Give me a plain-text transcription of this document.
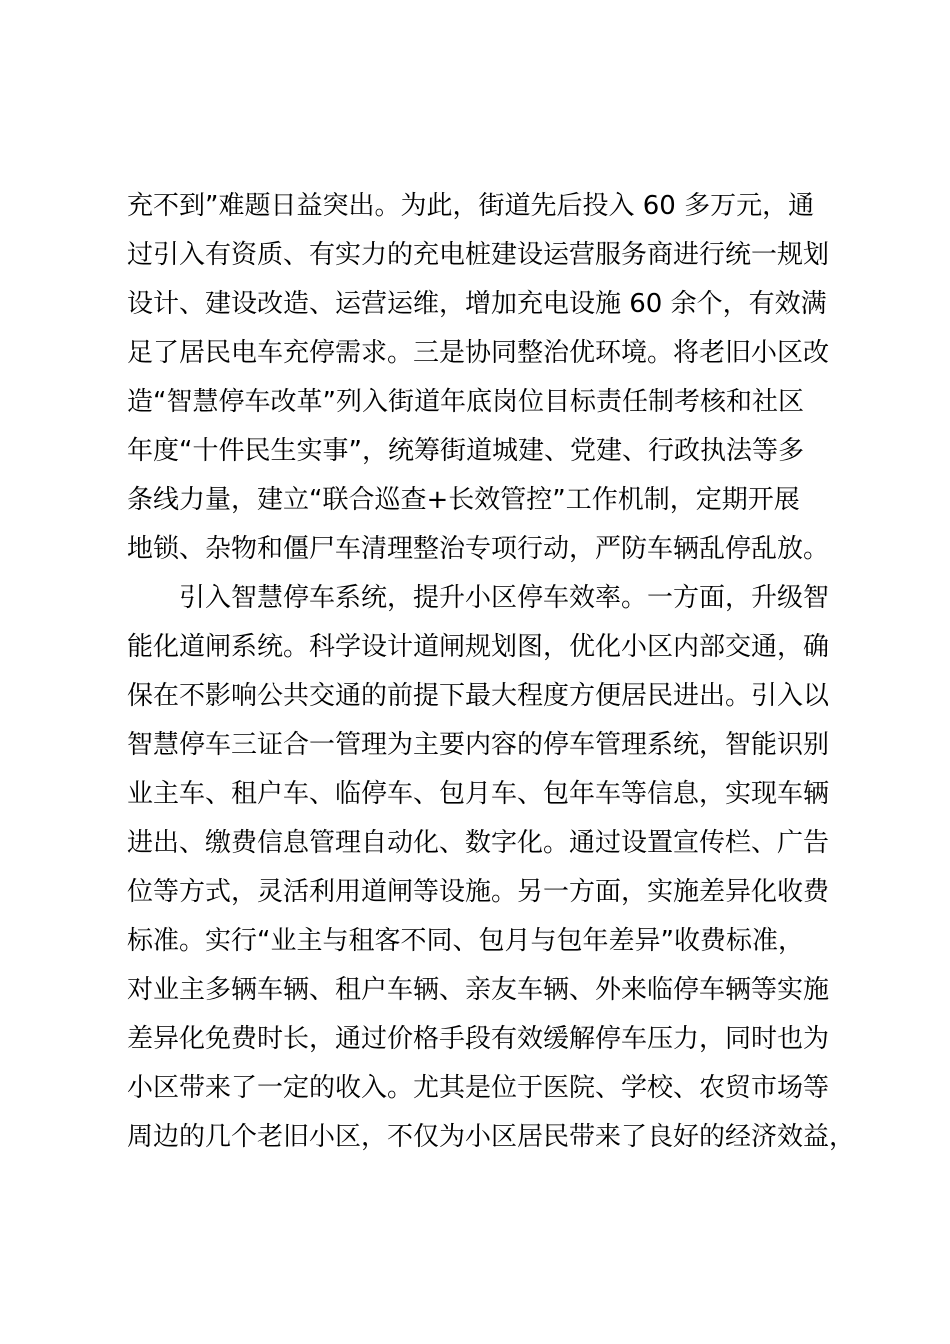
充不到”难题日益突出。为此，街道先后投入 60 多万元，通
过引入有资质、有实力的充电桩建设运营服务商进行统一规划
设计、建设改造、运营运维，增加充电设施 60 余个，有效满
足了居民电车充停需求。三是协同整治优环境。将老旧小区改
造“智慧停车改革”列入街道年底岗位目标责任制考核和社区
年度“十件民生实事”，统筹街道城建、党建、行政执法等多
条线力量，建立“联合巡查+长效管控”工作机制，定期开展
地锁、杂物和僵尸车清理整治专项行动，严防车辆乱停乱放。
引入智慧停车系统，提升小区停车效率。一方面，升级智
能化道闸系统。科学设计道闸规划图，优化小区内部交通，确
保在不影响公共交通的前提下最大程度方便居民进出。引入以
智慧停车三证合一管理为主要内容的停车管理系统，智能识别
业主车、租户车、临停车、包月车、包年车等信息，实现车辆
进出、缴费信息管理自动化、数字化。通过设置宣传栏、广告
位等方式，灵活利用道闸等设施。另一方面，实施差异化收费
标准。实行“业主与租客不同、包月与包年差异”收费标准，
对业主多辆车辆、租户车辆、亲友车辆、外来临停车辆等实施
差异化免费时长，通过价格手段有效缓解停车压力，同时也为
小区带来了一定的收入。尤其是位于医院、学校、农贸市场等
周边的几个老旧小区，不仅为小区居民带来了良好的经济效益，
